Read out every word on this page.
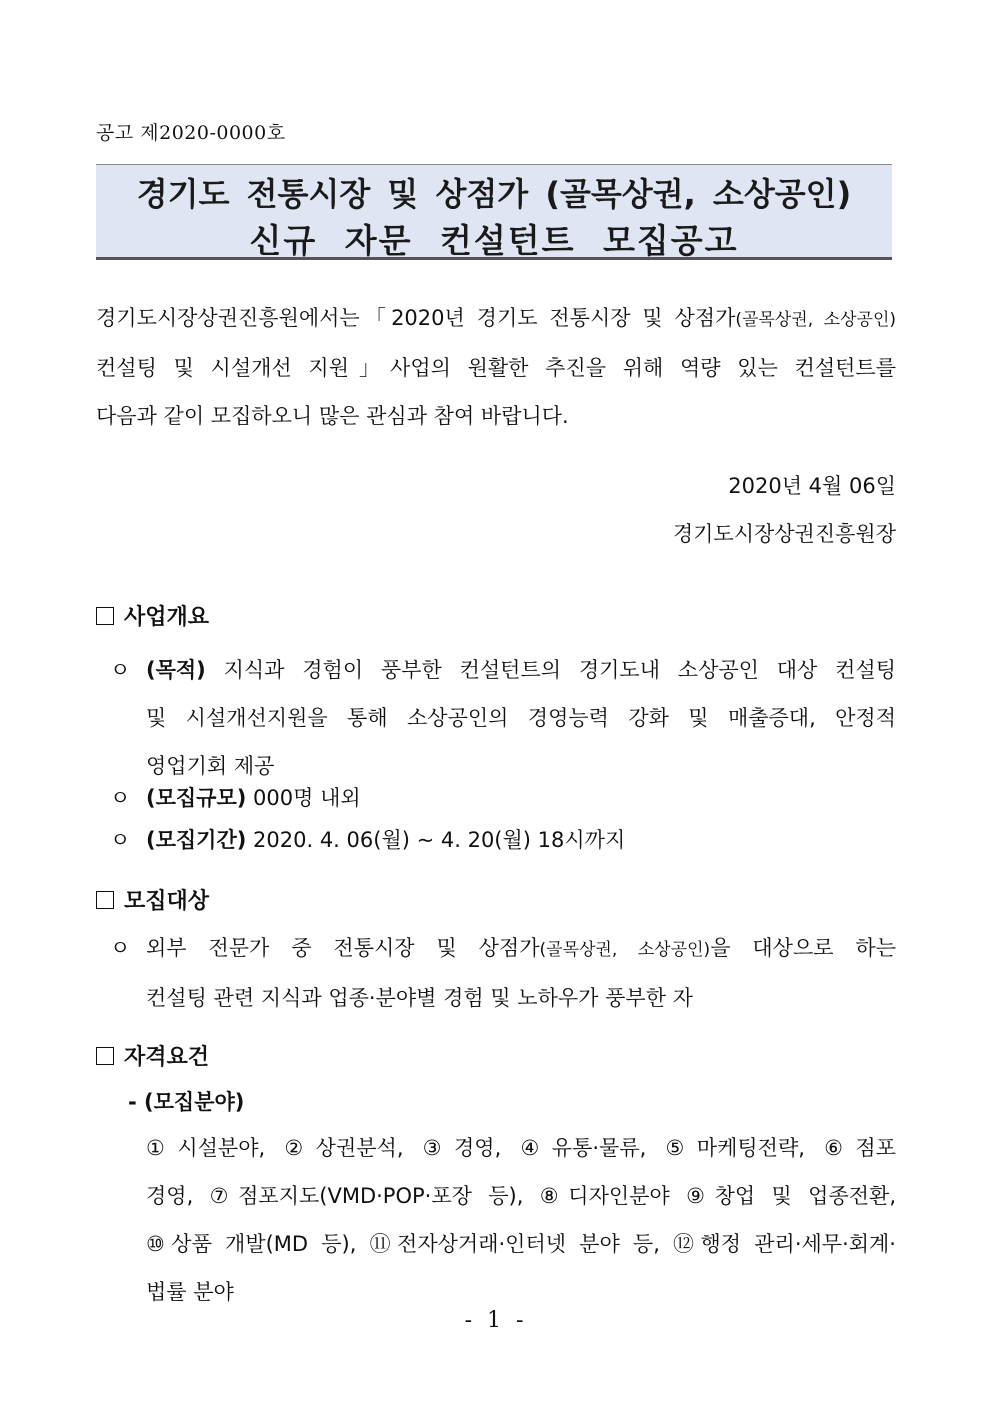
공고 제2020-0000호
경기도 전통시장 및 상점가 (골목상권, 소상공인)
신규 자문 컨설턴트 모집공고

경기도시장상권진흥원에서는「2020년 경기도 전통시장 및 상점가(골목상권, 소상공인)

컨설팅 및 시설개선 지원」사업의 원활한 추진을 위해 역량 있는 컨설턴트를

다음과 같이 모집하오니 많은 관심과 참여 바랍니다.

2020년 4월 06일
경기도시장상권진흥원장
사업개요
ㅇ (목적) 지식과 경험이 풍부한 컨설턴트의 경기도내 소상공인 대상 컨설팅

및 시설개선지원을 통해 소상공인의 경영능력 강화 및 매출증대, 안정적

영업기회 제공

ㅇ (모집규모) 000명 내외
ㅇ (모집기간) 2020. 4. 06(월) ~ 4. 20(월) 18시까지
모집대상
ㅇ 외부 전문가 중 전통시장 및 상점가(골목상권, 소상공인)을 대상으로 하는

컨설팅 관련 지식과 업종·분야별 경험 및 노하우가 풍부한 자

자격요건
- (모집분야)

①시설분야, ②상권분석, ③경영, ④유통·물류, ⑤마케팅전략, ⑥점포

경영, ⑦점포지도(VMD·POP·포장 등), ⑧디자인분야 ⑨창업 및 업종전환,

⑩상품 개발(MD 등), ⑪전자상거래·인터넷 분야 등, ⑫행정 관리·세무·회계·

법률 분야

- 1 -
